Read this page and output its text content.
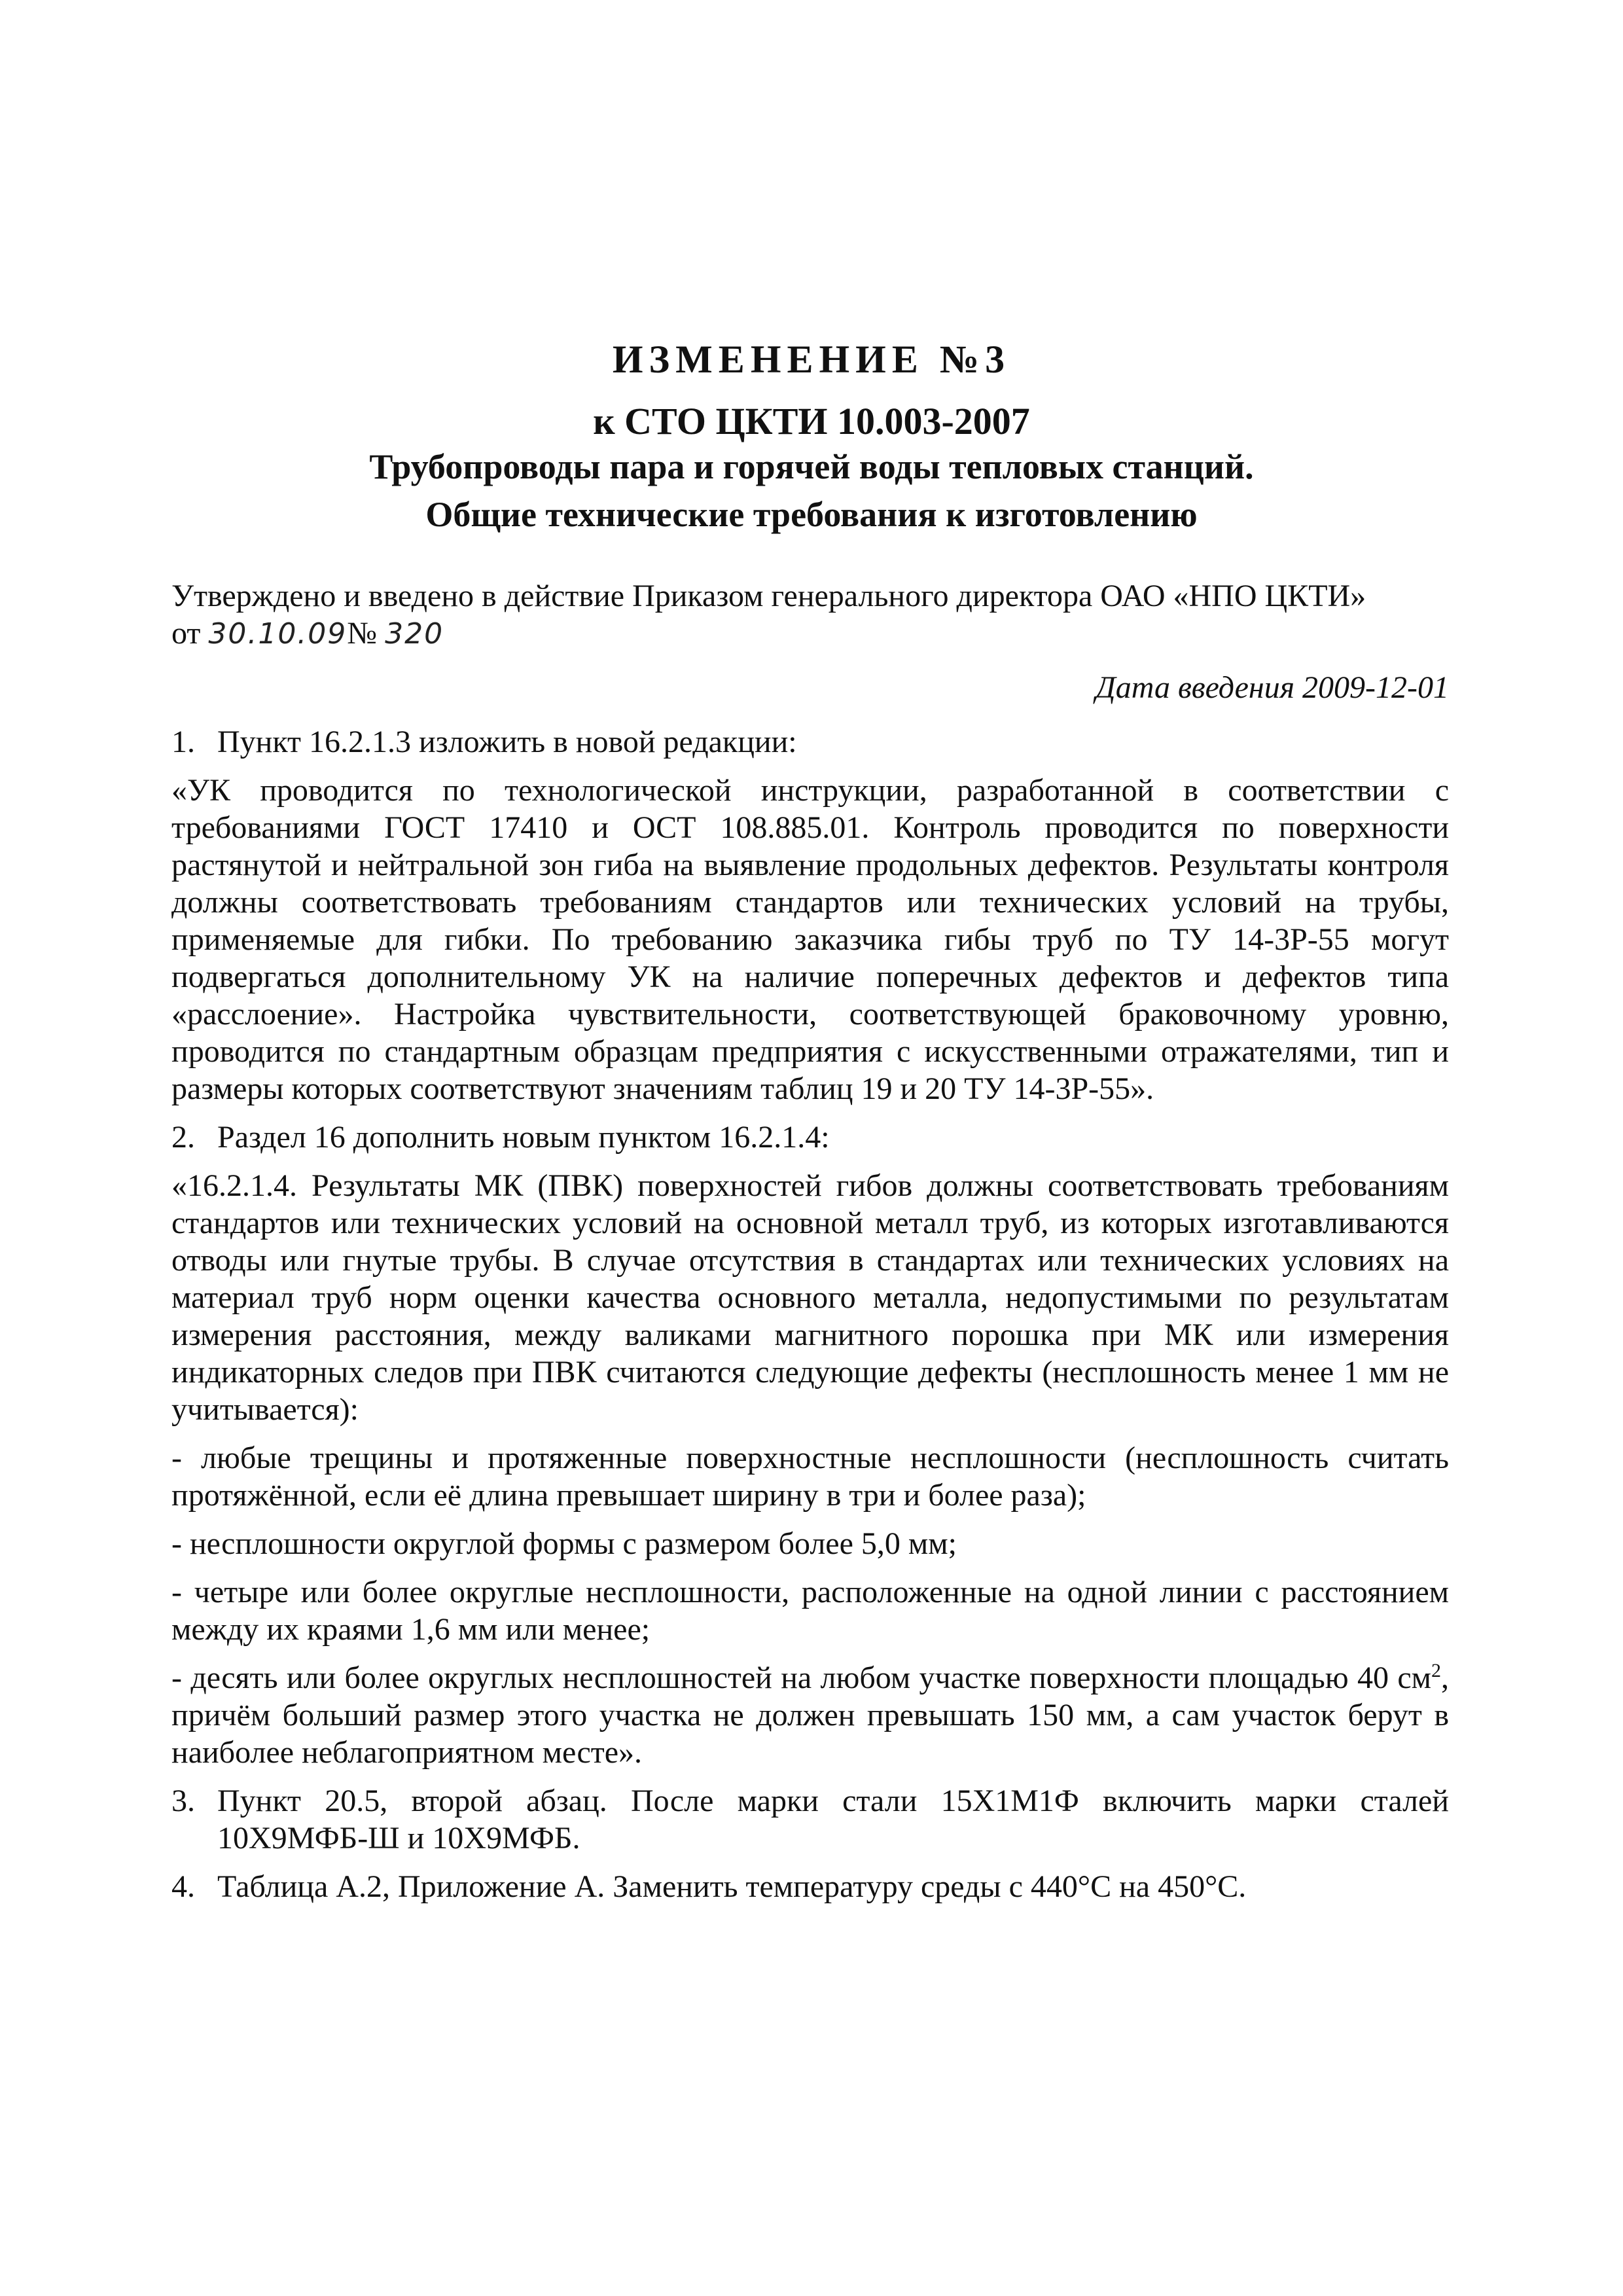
ИЗМЕНЕНИЕ №3
к СТО ЦКТИ 10.003-2007
Трубопроводы пара и горячей воды тепловых станций.
Общие технические требования к изготовлению

Утверждено и введено в действие Приказом генерального директора ОАО «НПО ЦКТИ»

от 30.10.09№ 320

Дата введения 2009-12-01

1. Пункт 16.2.1.3 изложить в новой редакции:

«УК проводится по технологической инструкции, разработанной в соответствии с требованиями ГОСТ 17410 и ОСТ 108.885.01. Контроль проводится по поверхности растянутой и нейтральной зон гиба на выявление продольных дефектов. Результаты контроля должны соответствовать требованиям стандартов или технических условий на трубы, применяемые для гибки. По требованию заказчика гибы труб по ТУ 14-3Р-55 могут подвергаться дополнительному УК на наличие поперечных дефектов и дефектов типа «расслоение». Настройка чувствительности, соответствующей браковочному уровню, проводится по стандартным образцам предприятия с искусственными отражателями, тип и размеры которых соответствуют значениям таблиц 19 и 20 ТУ 14-3Р-55».

2. Раздел 16 дополнить новым пунктом 16.2.1.4:

«16.2.1.4. Результаты МК (ПВК) поверхностей гибов должны соответствовать требованиям стандартов или технических условий на основной металл труб, из которых изготавливаются отводы или гнутые трубы. В случае отсутствия в стандартах или технических условиях на материал труб норм оценки качества основного металла, недопустимыми по результатам измерения расстояния, между валиками магнитного порошка при МК или измерения индикаторных следов при ПВК считаются следующие дефекты (несплошность менее 1 мм не учитывается):

- любые трещины и протяженные поверхностные несплошности (несплошность считать протяжённой, если её длина превышает ширину в три и более раза);

- несплошности округлой формы с размером более 5,0 мм;

- четыре или более округлые несплошности, расположенные на одной линии с расстоянием между их краями 1,6 мм или менее;

- десять или более округлых несплошностей на любом участке поверхности площадью 40 $см^2$, причём больший размер этого участка не должен превышать 150 мм, а сам участок берут в наиболее неблагоприятном месте».

3. Пункт 20.5, второй абзац. После марки стали 15Х1М1Ф включить марки сталей 10Х9МФБ-Ш и 10Х9МФБ.

4. Таблица А.2, Приложение А. Заменить температуру среды с 440°С на 450°С.
